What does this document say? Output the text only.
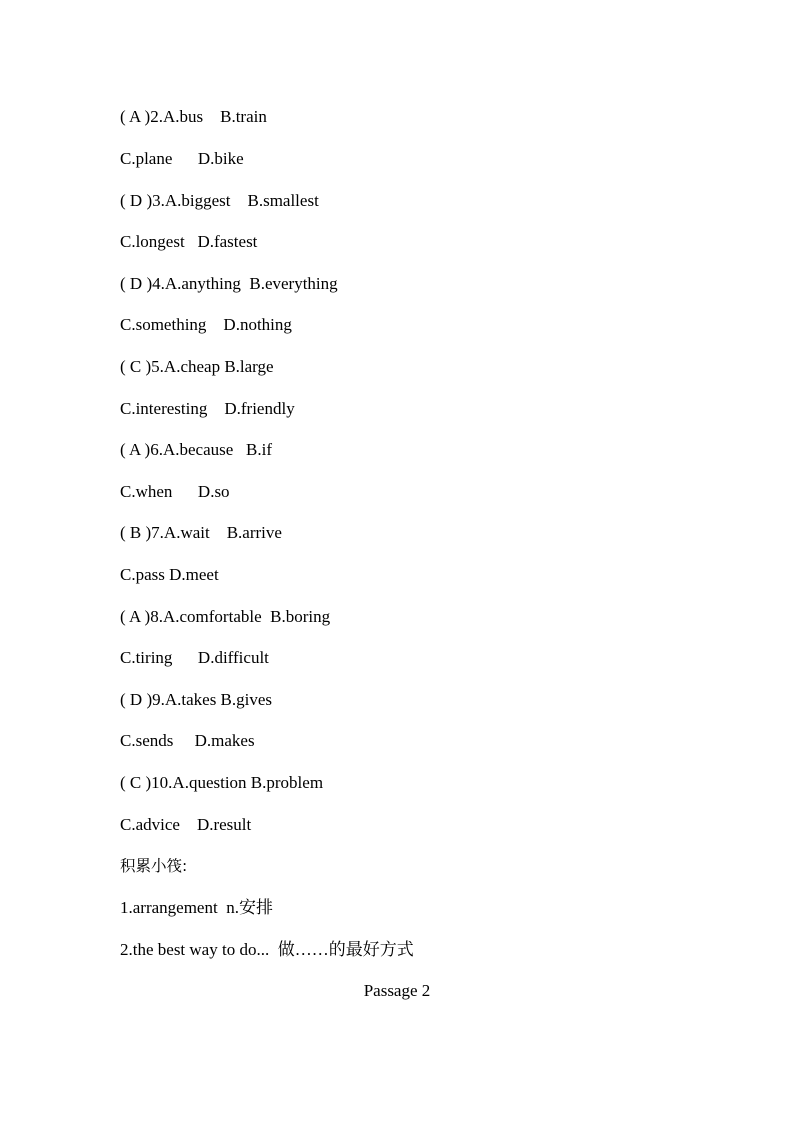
( A )2.A.bus    B.train
C.plane      D.bike
( D )3.A.biggest    B.smallest
C.longest   D.fastest
( D )4.A.anything  B.everything
C.something    D.nothing
( C )5.A.cheap B.large
C.interesting    D.friendly
( A )6.A.because   B.if
C.when      D.so
( B )7.A.wait    B.arrive
C.pass D.meet
( A )8.A.comfortable  B.boring
C.tiring      D.difficult
( D )9.A.takes B.gives
C.sends     D.makes
( C )10.A.question B.problem
C.advice    D.result
积累小筏:
1.arrangement  n.安排
2.the best way to do...  做……的最好方式
Passage 2
